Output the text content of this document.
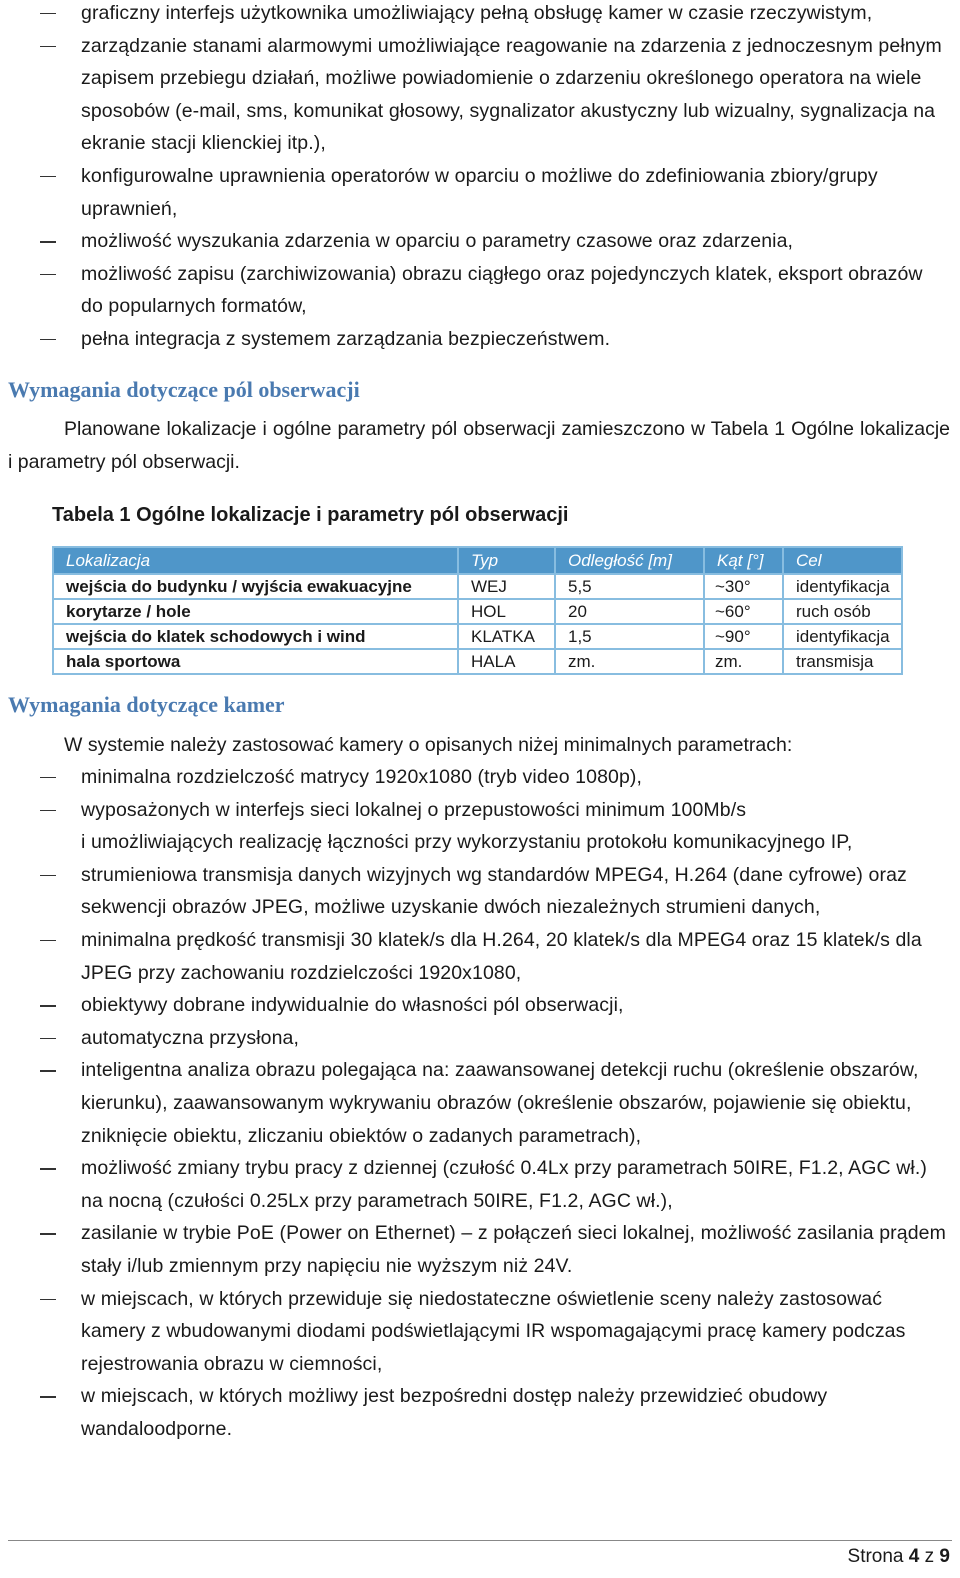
graficzny interfejs użytkownika umożliwiający pełną obsługę kamer w czasie rzeczywistym,
zarządzanie stanami alarmowymi umożliwiające reagowanie na zdarzenia z jednoczesnym pełnym zapisem przebiegu działań, możliwe powiadomienie o zdarzeniu określonego operatora na wiele sposobów (e-mail, sms, komunikat głosowy, sygnalizator akustyczny lub wizualny, sygnalizacja na ekranie stacji klienckiej itp.),
konfigurowalne uprawnienia operatorów w oparciu o możliwe do zdefiniowania zbiory/grupy uprawnień,
możliwość wyszukania zdarzenia w oparciu o parametry czasowe oraz zdarzenia,
możliwość zapisu (zarchiwizowania) obrazu ciągłego oraz pojedynczych klatek, eksport obrazów do popularnych formatów,
pełna integracja z systemem zarządzania bezpieczeństwem.
Wymagania dotyczące pól obserwacji

Planowane lokalizacje i ogólne parametry pól obserwacji zamieszczono w Tabela 1 Ogólne lokalizacje i parametry pól obserwacji.

Tabela 1 Ogólne lokalizacje i parametry pól obserwacji

Lokalizacja	Typ	Odległość [m]	Kąt [°]	Cel
wejścia do budynku / wyjścia ewakuacyjne	WEJ	5,5	~30°	identyfikacja
korytarze / hole	HOL	20	~60°	ruch osób
wejścia do klatek schodowych i wind	KLATKA	1,5	~90°	identyfikacja
hala sportowa	HALA	zm.	zm.	transmisja
Wymagania dotyczące kamer

W systemie należy zastosować kamery o opisanych niżej minimalnych parametrach:

minimalna rozdzielczość matrycy 1920x1080 (tryb video 1080p),
wyposażonych w interfejs sieci lokalnej o przepustowości minimum 100Mb/s
i umożliwiających realizację łączności przy wykorzystaniu protokołu komunikacyjnego IP,
strumieniowa transmisja danych wizyjnych wg standardów MPEG4, H.264 (dane cyfrowe) oraz sekwencji obrazów JPEG, możliwe uzyskanie dwóch niezależnych strumieni danych,
minimalna prędkość transmisji 30 klatek/s dla H.264, 20 klatek/s dla MPEG4 oraz 15 klatek/s dla JPEG przy zachowaniu rozdzielczości 1920x1080,
obiektywy dobrane indywidualnie do własności pól obserwacji,
automatyczna przysłona,
inteligentna analiza obrazu polegająca na: zaawansowanej detekcji ruchu (określenie obszarów, kierunku), zaawansowanym wykrywaniu obrazów (określenie obszarów, pojawienie się obiektu, zniknięcie obiektu, zliczaniu obiektów o zadanych parametrach),
możliwość zmiany trybu pracy z dziennej (czułość 0.4Lx przy parametrach 50IRE, F1.2, AGC wł.) na nocną (czułości 0.25Lx przy parametrach 50IRE, F1.2, AGC wł.),
zasilanie w trybie PoE (Power on Ethernet) – z połączeń sieci lokalnej, możliwość zasilania prądem stały i/lub zmiennym przy napięciu nie wyższym niż 24V.
w miejscach, w których przewiduje się niedostateczne oświetlenie sceny należy zastosować kamery z wbudowanymi diodami podświetlającymi IR wspomagającymi pracę kamery podczas rejestrowania obrazu w ciemności,
w miejscach, w których możliwy jest bezpośredni dostęp należy przewidzieć obudowy wandaloodporne.

Strona 4 z 9
